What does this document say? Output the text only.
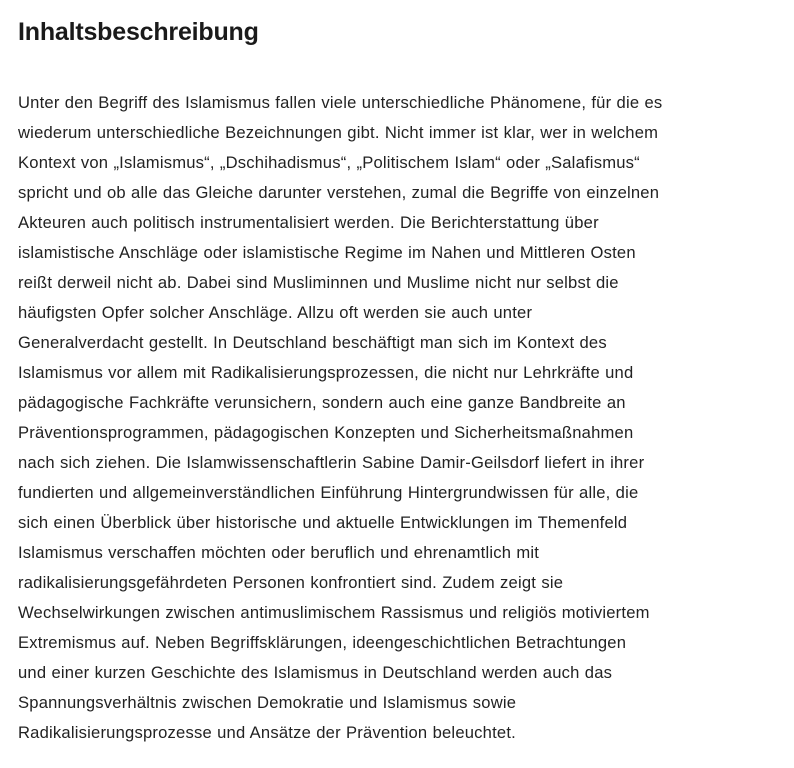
Inhaltsbeschreibung
Unter den Begriff des Islamismus fallen viele unterschiedliche Phänomene, für die es
wiederum unterschiedliche Bezeichnungen gibt. Nicht immer ist klar, wer in welchem
Kontext von „Islamismus“, „Dschihadismus“, „Politischem Islam“ oder „Salafismus“
spricht und ob alle das Gleiche darunter verstehen, zumal die Begriffe von einzelnen
Akteuren auch politisch instrumentalisiert werden. Die Berichterstattung über
islamistische Anschläge oder islamistische Regime im Nahen und Mittleren Osten
reißt derweil nicht ab. Dabei sind Musliminnen und Muslime nicht nur selbst die
häufigsten Opfer solcher Anschläge. Allzu oft werden sie auch unter
Generalverdacht gestellt. In Deutschland beschäftigt man sich im Kontext des
Islamismus vor allem mit Radikalisierungsprozessen, die nicht nur Lehrkräfte und
pädagogische Fachkräfte verunsichern, sondern auch eine ganze Bandbreite an
Präventionsprogrammen, pädagogischen Konzepten und Sicherheitsmaßnahmen
nach sich ziehen. Die Islamwissenschaftlerin Sabine Damir-Geilsdorf liefert in ihrer
fundierten und allgemeinverständlichen Einführung Hintergrundwissen für alle, die
sich einen Überblick über historische und aktuelle Entwicklungen im Themenfeld
Islamismus verschaffen möchten oder beruflich und ehrenamtlich mit
radikalisierungsgefährdeten Personen konfrontiert sind. Zudem zeigt sie
Wechselwirkungen zwischen antimuslimischem Rassismus und religiös motiviertem
Extremismus auf. Neben Begriffsklärungen, ideengeschichtlichen Betrachtungen
und einer kurzen Geschichte des Islamismus in Deutschland werden auch das
Spannungsverhältnis zwischen Demokratie und Islamismus sowie
Radikalisierungsprozesse und Ansätze der Prävention beleuchtet.
